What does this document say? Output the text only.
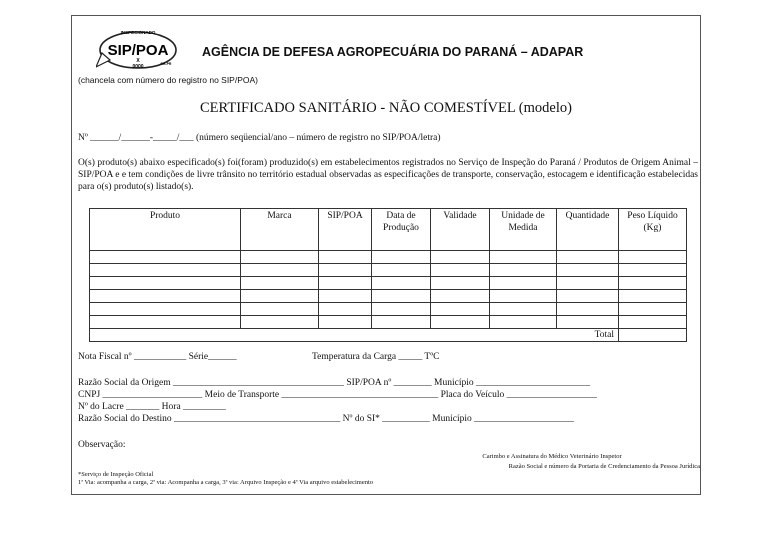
INSPECIONADO
SIP/POA
X
0000	SR-PR
AGÊNCIA DE DEFESA AGROPECUÁRIA DO PARANÁ – ADAPAR
(chancela com número do registro no SIP/POA)
CERTIFICADO SANITÁRIO - NÃO COMESTÍVEL (modelo)
Nº ______/______-_____/___ (número seqüencial/ano – número de registro no SIP/POA/letra)
O(s) produto(s) abaixo especificado(s) foi(foram) produzido(s) em estabelecimentos registrados no Serviço de Inspeção do Paraná / Produtos de Origem Animal – SIP/POA e e tem condições de livre trânsito no território estadual observadas as especificações de transporte, conservação, estocagem e identificação estabelecidas para o(s) produto(s) listado(s).
Produto	Marca	SIP/POA	Data de Produção	Validade	Unidade de Medida	Quantidade	Peso Líquido (Kg)

Total							
Nota Fiscal nº ___________ Série______	Temperatura da Carga _____ TºC
Razão Social da Origem ____________________________________ SIP/POA nº ________ Município ________________________
CNPJ _____________________ Meio de Transporte _________________________________ Placa do Veículo ___________________
Nº do Lacre _______ Hora _________
Razão Social do Destino ___________________________________ Nº do SI* __________ Município _____________________
Observação:
Carimbo e Assinatura do Médico Veterinário Inspetor
Razão Social e número da Portaria de Credenciamento da Pessoa Jurídica
*Serviço de Inspeção Oficial
1ª Via: acompanha a carga, 2ª via: Acompanha a carga, 3ª via: Arquivo Inspeção e 4ª Via arquivo estabelecimento
